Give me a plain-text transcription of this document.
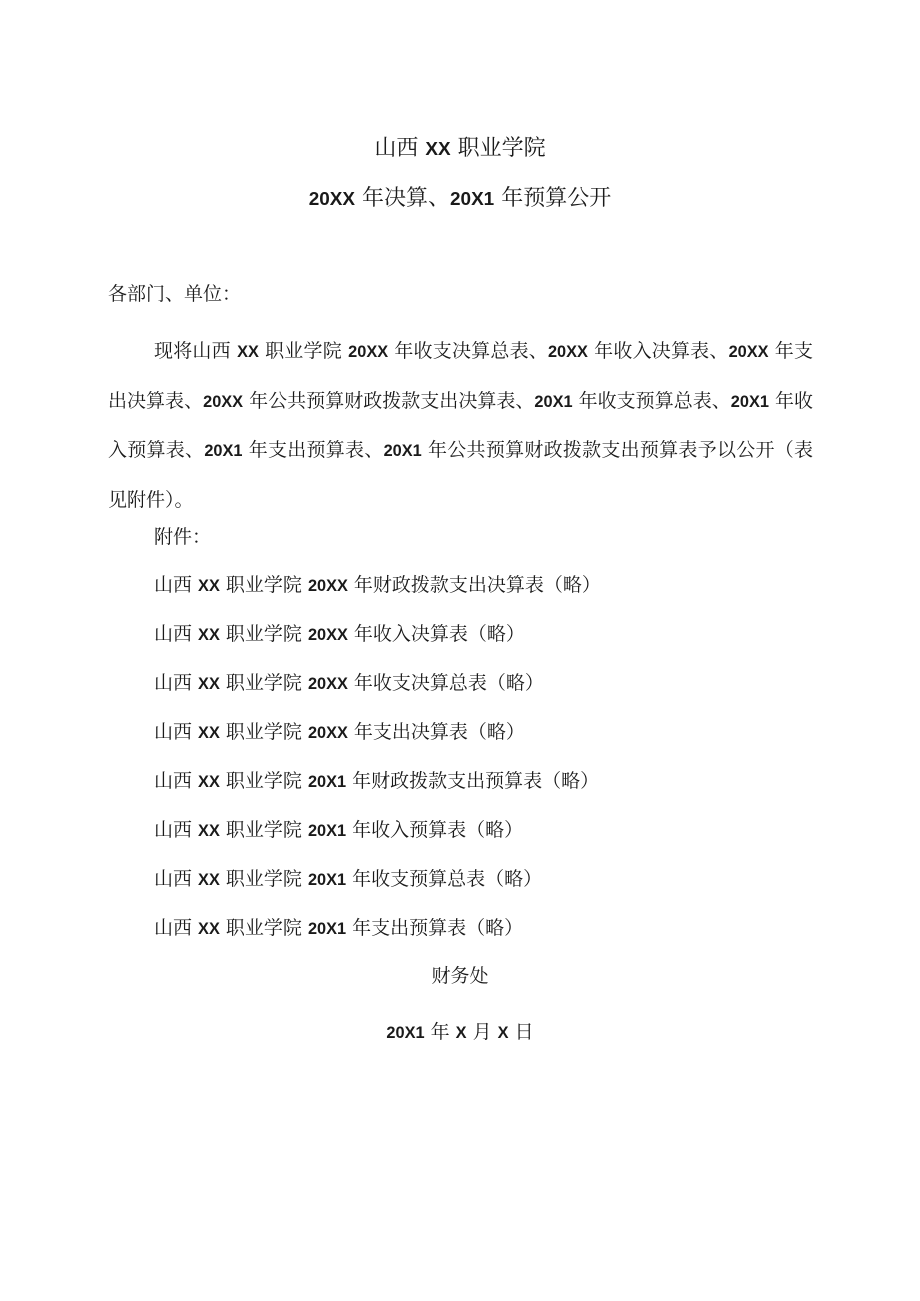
山西 XX 职业学院
20XX 年决算、20X1 年预算公开
各部门、单位：

现将山西 XX 职业学院 20XX 年收支决算总表、20XX 年收入决算表、20XX 年支出决算表、20XX 年公共预算财政拨款支出决算表、20X1 年收支预算总表、20X1 年收入预算表、20X1 年支出预算表、20X1 年公共预算财政拨款支出预算表予以公开（表见附件）。

附件：
山西 XX 职业学院 20XX 年财政拨款支出决算表（略）
山西 XX 职业学院 20XX 年收入决算表（略）
山西 XX 职业学院 20XX 年收支决算总表（略）
山西 XX 职业学院 20XX 年支出决算表（略）
山西 XX 职业学院 20X1 年财政拨款支出预算表（略）
山西 XX 职业学院 20X1 年收入预算表（略）
山西 XX 职业学院 20X1 年收支预算总表（略）
山西 XX 职业学院 20X1 年支出预算表（略）
财务处
20X1 年 X 月 X 日
